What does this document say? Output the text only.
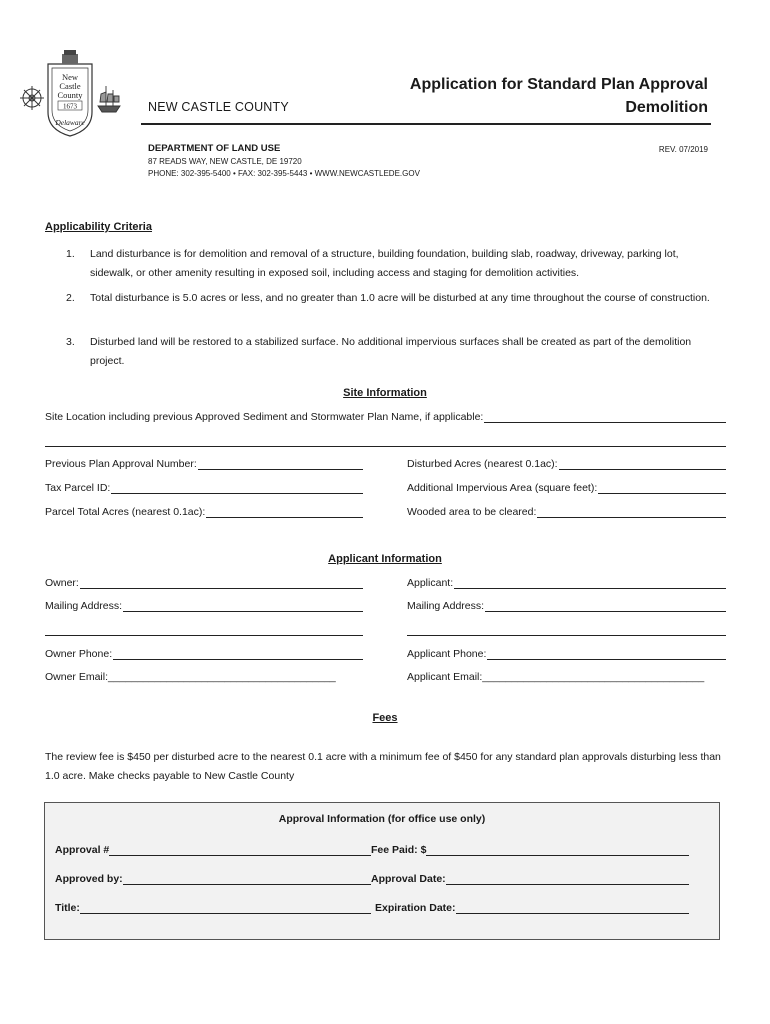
New
Castle
County
1673
Delaware
NEW CASTLE COUNTY
Application for Standard Plan Approval
Demolition
DEPARTMENT OF LAND USE	REV. 07/2019
87 READS WAY, NEW CASTLE, DE 19720
PHONE: 302-395-5400 • FAX: 302-395-5443 • WWW.NEWCASTLEDE.GOV
Applicability Criteria
1. Land disturbance is for demolition and removal of a structure, building foundation, building slab, roadway, driveway, parking lot, sidewalk, or other amenity resulting in exposed soil, including access and staging for demolition activities.
2. Total disturbance is 5.0 acres or less, and no greater than 1.0 acre will be disturbed at any time throughout the course of construction.
3. Disturbed land will be restored to a stabilized surface. No additional impervious surfaces shall be created as part of the demolition project.
Site Information
Site Location including previous Approved Sediment and Stormwater Plan Name, if applicable:
Previous Plan Approval Number:	Disturbed Acres (nearest 0.1ac):
Tax Parcel ID:	Additional Impervious Area (square feet):
Parcel Total Acres (nearest 0.1ac):	Wooded area to be cleared:
Applicant Information
Owner:	Applicant:
Mailing Address:	Mailing Address:
Owner Phone:	Applicant Phone:
Owner Email: _______________________________________	Applicant Email: ______________________________________
Fees
The review fee is $450 per disturbed acre to the nearest 0.1 acre with a minimum fee of $450 for any standard plan approvals disturbing less than 1.0 acre. Make checks payable to New Castle County
Approval Information (for office use only)
Approval #	Fee Paid: $
Approved by:	Approval Date:
Title:	Expiration Date:
